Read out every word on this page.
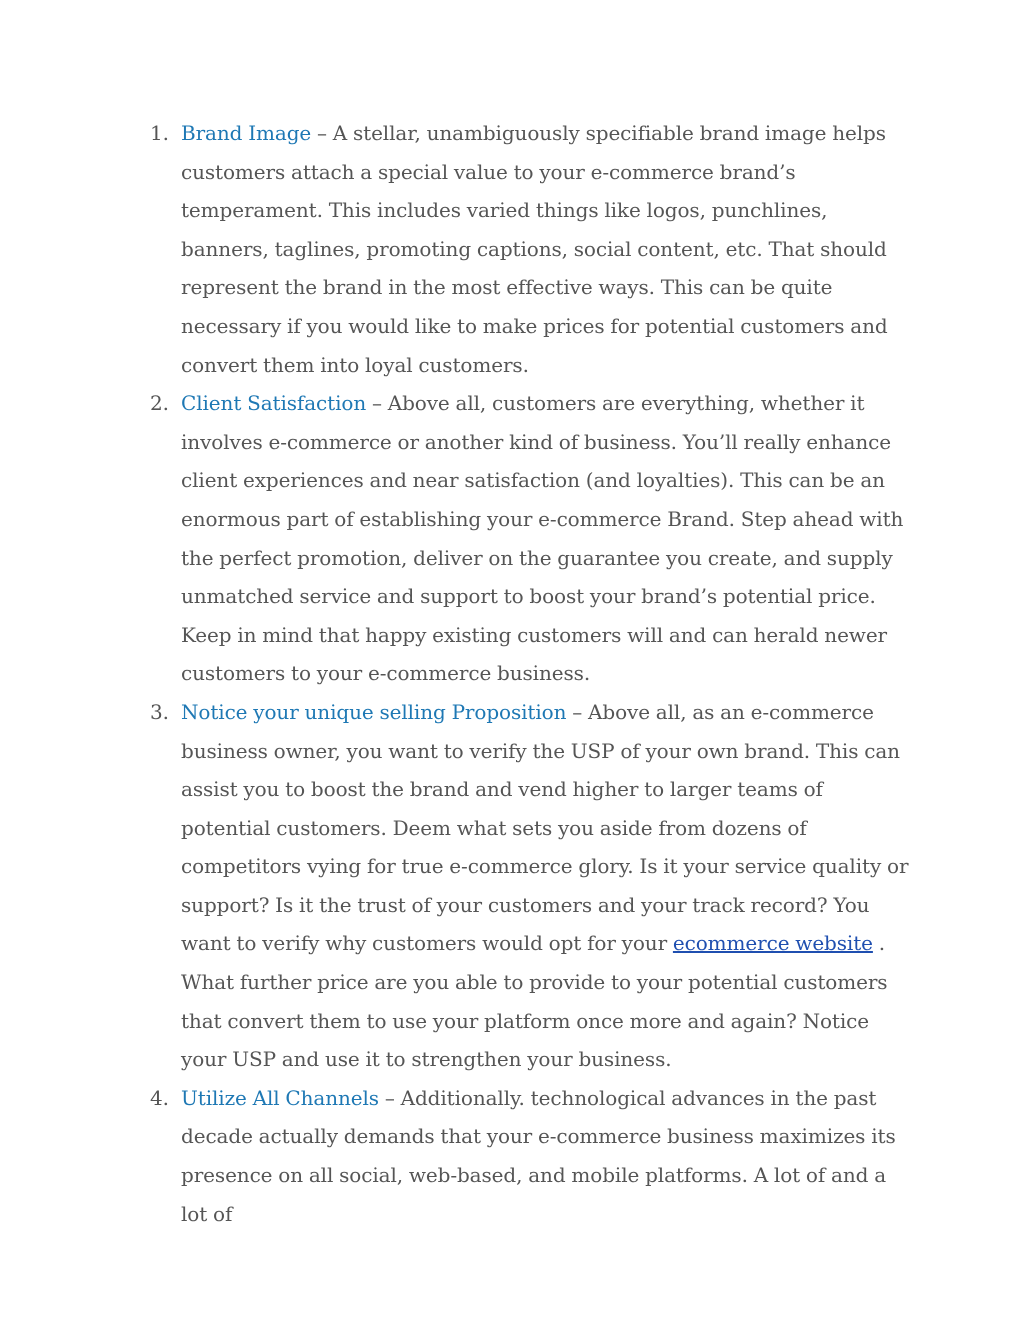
1. Brand Image – A stellar, unambiguously specifiable brand image helps customers attach a special value to your e-commerce brand’s temperament. This includes varied things like logos, punchlines, banners, taglines, promoting captions, social content, etc. That should represent the brand in the most effective ways. This can be quite necessary if you would like to make prices for potential customers and convert them into loyal customers.
2. Client Satisfaction – Above all, customers are everything, whether it involves e-commerce or another kind of business. You’ll really enhance client experiences and near satisfaction (and loyalties). This can be an enormous part of establishing your e-commerce Brand. Step ahead with the perfect promotion, deliver on the guarantee you create, and supply unmatched service and support to boost your brand’s potential price. Keep in mind that happy existing customers will and can herald newer customers to your e-commerce business.
3. Notice your unique selling Proposition – Above all, as an e-commerce business owner, you want to verify the USP of your own brand. This can assist you to boost the brand and vend higher to larger teams of potential customers. Deem what sets you aside from dozens of competitors vying for true e-commerce glory. Is it your service quality or support? Is it the trust of your customers and your track record? You want to verify why customers would opt for your ecommerce website . What further price are you able to provide to your potential customers that convert them to use your platform once more and again? Notice your USP and use it to strengthen your business.
4. Utilize All Channels – Additionally. technological advances in the past decade actually demands that your e-commerce business maximizes its presence on all social, web-based, and mobile platforms. A lot of and a lot of
